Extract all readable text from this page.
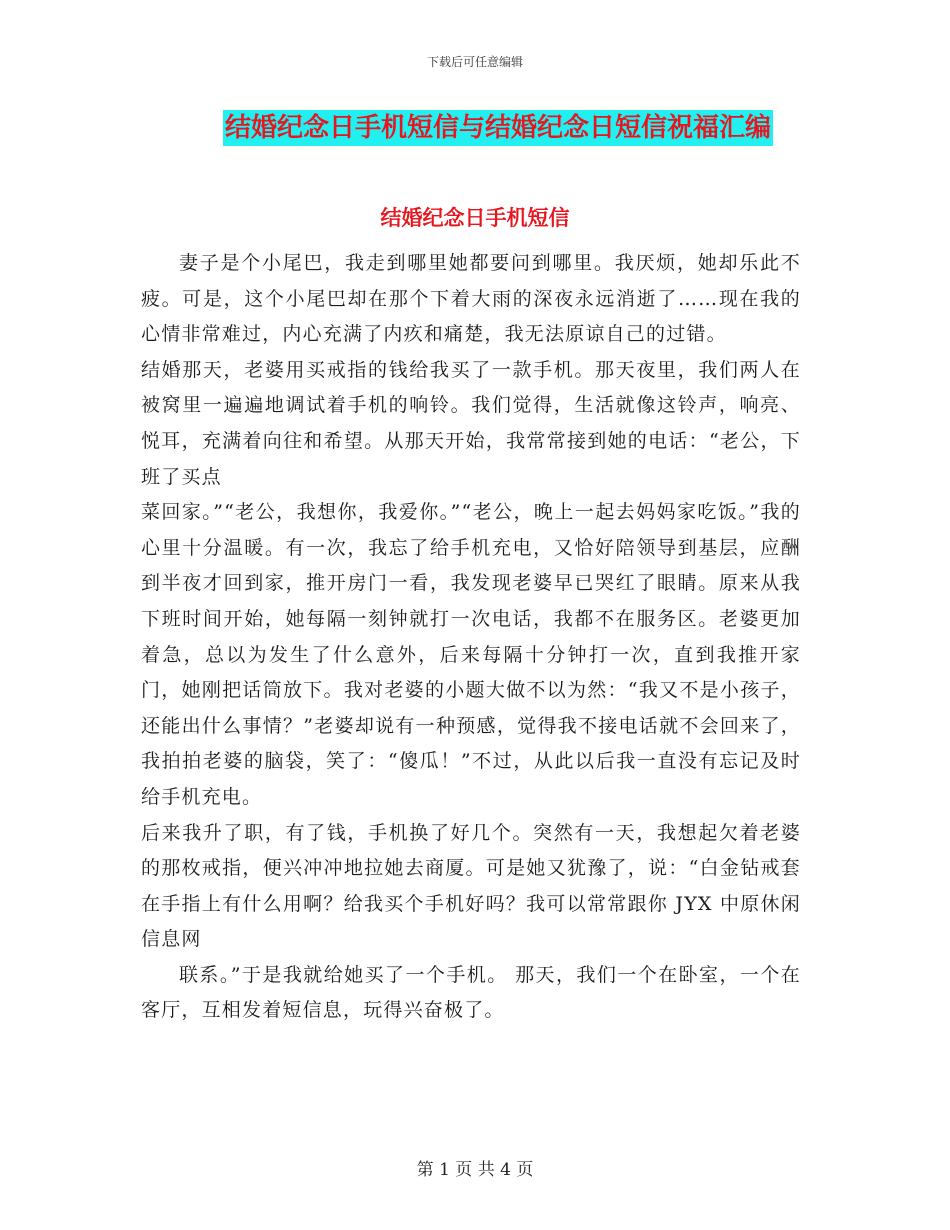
下载后可任意编辑
结婚纪念日手机短信与结婚纪念日短信祝福汇编
结婚纪念日手机短信

妻子是个小尾巴，我走到哪里她都要问到哪里。我厌烦，她却乐此不疲。可是，这个小尾巴却在那个下着大雨的深夜永远消逝了……现在我的心情非常难过，内心充满了内疚和痛楚，我无法原谅自己的过错。

结婚那天，老婆用买戒指的钱给我买了一款手机。那天夜里，我们两人在被窝里一遍遍地调试着手机的响铃。我们觉得，生活就像这铃声，响亮、悦耳，充满着向往和希望。从那天开始，我常常接到她的电话：“老公，下班了买点

菜回家。”“老公，我想你，我爱你。”“老公，晚上一起去妈妈家吃饭。”我的心里十分温暖。有一次，我忘了给手机充电，又恰好陪领导到基层，应酬到半夜才回到家，推开房门一看，我发现老婆早已哭红了眼睛。原来从我下班时间开始，她每隔一刻钟就打一次电话，我都不在服务区。老婆更加着急，总以为发生了什么意外，后来每隔十分钟打一次，直到我推开家门，她刚把话筒放下。我对老婆的小题大做不以为然：“我又不是小孩子，还能出什么事情？”老婆却说有一种预感，觉得我不接电话就不会回来了，我拍拍老婆的脑袋，笑了：“傻瓜！”不过，从此以后我一直没有忘记及时给手机充电。

后来我升了职，有了钱，手机换了好几个。突然有一天，我想起欠着老婆的那枚戒指，便兴冲冲地拉她去商厦。可是她又犹豫了，说：“白金钻戒套在手指上有什么用啊？给我买个手机好吗？我可以常常跟你 JYX 中原休闲信息网

联系。”于是我就给她买了一个手机。 那天，我们一个在卧室，一个在客厅，互相发着短信息，玩得兴奋极了。

第 1 页 共 4 页
